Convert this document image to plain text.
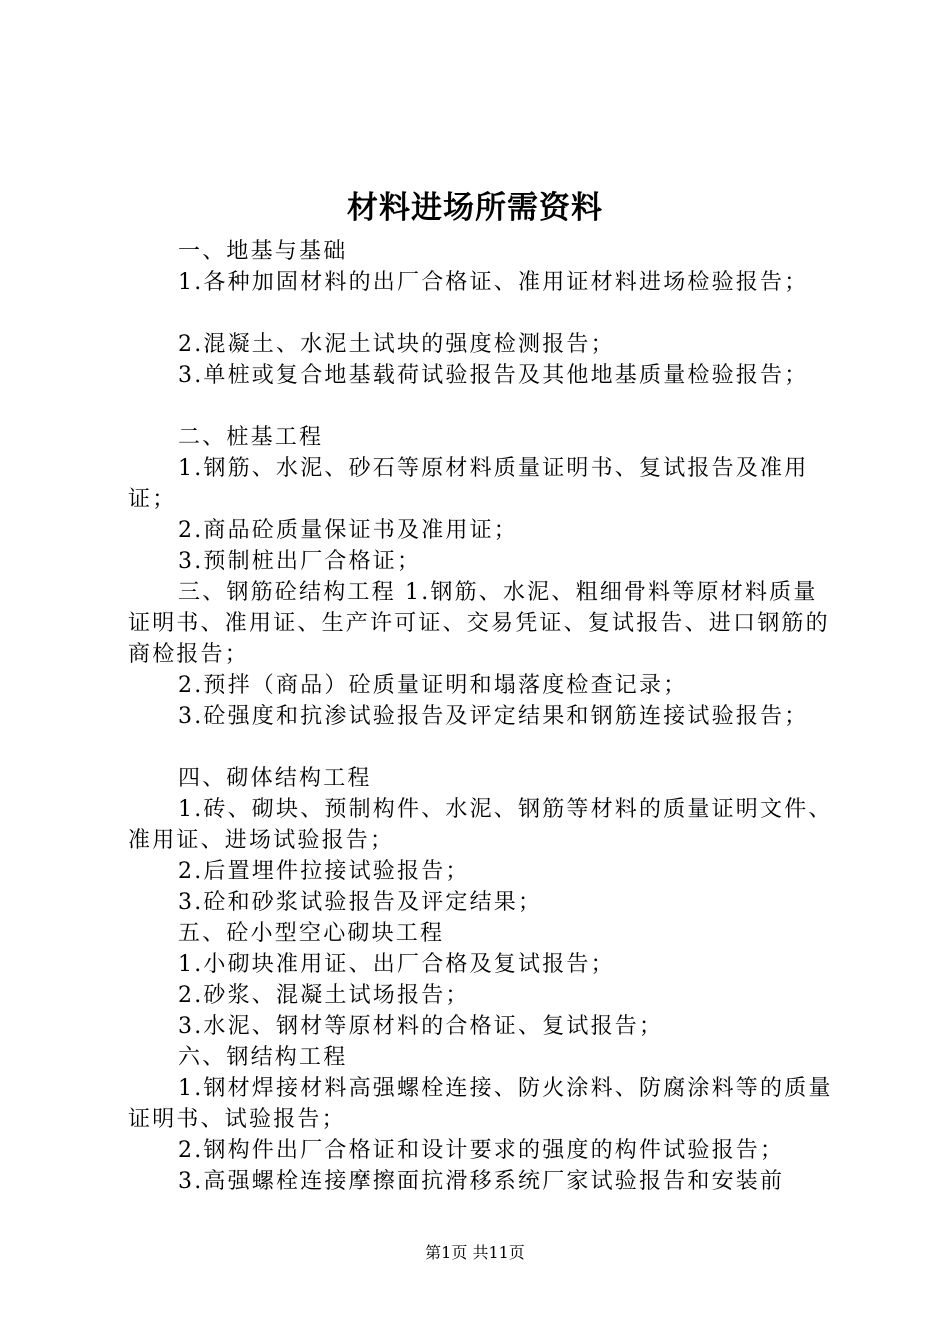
材料进场所需资料

一、地基与基础

1.各种加固材料的出厂合格证、准用证材料进场检验报告；

2.混凝土、水泥土试块的强度检测报告；

3.单桩或复合地基载荷试验报告及其他地基质量检验报告；

二、桩基工程

1.钢筋、水泥、砂石等原材料质量证明书、复试报告及准用证；

2.商品砼质量保证书及准用证；

3.预制桩出厂合格证；

三、钢筋砼结构工程 1.钢筋、水泥、粗细骨料等原材料质量证明书、准用证、生产许可证、交易凭证、复试报告、进口钢筋的商检报告；

2.预拌（商品）砼质量证明和塌落度检查记录；

3.砼强度和抗渗试验报告及评定结果和钢筋连接试验报告；

四、砌体结构工程

1.砖、砌块、预制构件、水泥、钢筋等材料的质量证明文件、准用证、进场试验报告；

2.后置埋件拉接试验报告；

3.砼和砂浆试验报告及评定结果；

五、砼小型空心砌块工程

1.小砌块准用证、出厂合格及复试报告；

2.砂浆、混凝土试场报告；

3.水泥、钢材等原材料的合格证、复试报告；

六、钢结构工程

1.钢材焊接材料高强螺栓连接、防火涂料、防腐涂料等的质量证明书、试验报告；

2.钢构件出厂合格证和设计要求的强度的构件试验报告；

3.高强螺栓连接摩擦面抗滑移系统厂家试验报告和安装前

第1页 共11页
